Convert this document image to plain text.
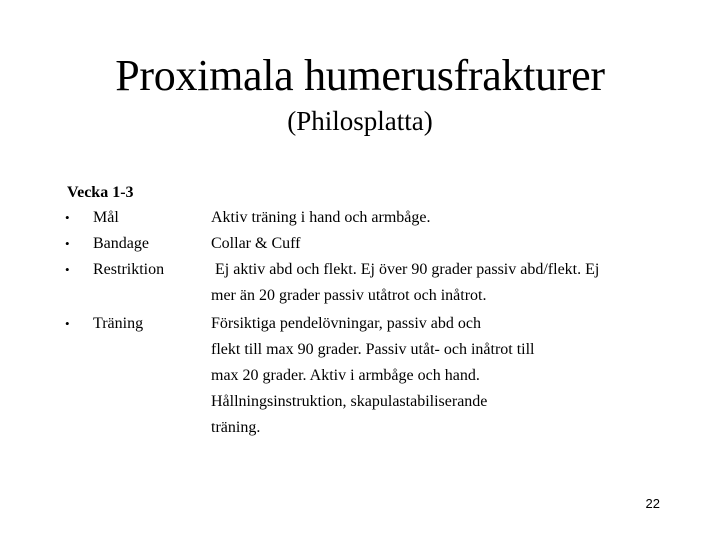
Proximala humerusfrakturer
(Philosplatta)
Vecka 1-3
• Mål	Aktiv träning i hand och armbåge.
• Bandage	Collar & Cuff
• Restriktion	Ej aktiv abd och flekt. Ej över 90 grader passiv abd/flekt. Ej
mer än 20 grader passiv utåtrot och inåtrot.
• Träning	Försiktiga pendelövningar, passiv abd och
flekt till max 90 grader. Passiv utåt- och inåtrot till
max 20 grader. Aktiv i armbåge och hand.
Hållningsinstruktion, skapulastabiliserande
träning.
22
